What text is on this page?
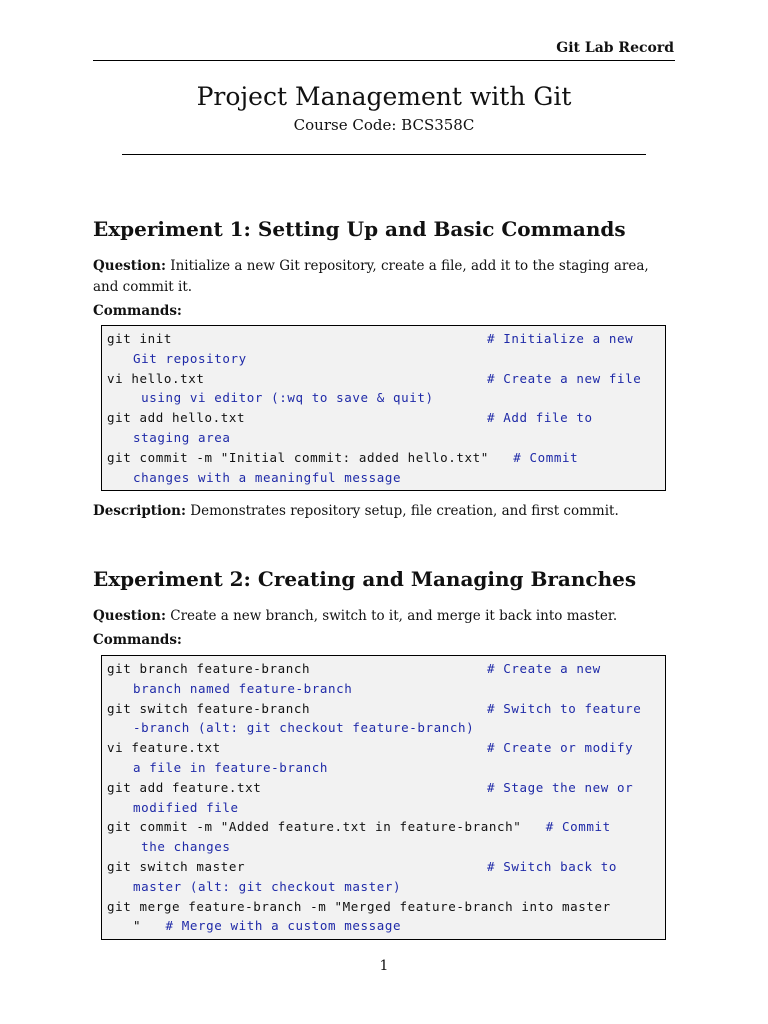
Git Lab Record
Project Management with Git
Course Code: BCS358C
Experiment 1: Setting Up and Basic Commands
Question: Initialize a new Git repository, create a file, add it to the staging area, and commit it.
Commands:
git init	# Initialize a new
Git repository
vi hello.txt	# Create a new file
using vi editor (:wq to save & quit)
git add hello.txt	# Add file to
staging area
git commit -m "Initial commit: added hello.txt"   # Commit
changes with a meaningful message
Description: Demonstrates repository setup, file creation, and first commit.
Experiment 2: Creating and Managing Branches
Question: Create a new branch, switch to it, and merge it back into master.
Commands:
git branch feature-branch	# Create a new
branch named feature-branch
git switch feature-branch	# Switch to feature
-branch (alt: git checkout feature-branch)
vi feature.txt	# Create or modify
a file in feature-branch
git add feature.txt	# Stage the new or
modified file
git commit -m "Added feature.txt in feature-branch"   # Commit
the changes
git switch master	# Switch back to
master (alt: git checkout master)
git merge feature-branch -m "Merged feature-branch into master
"   # Merge with a custom message
1
